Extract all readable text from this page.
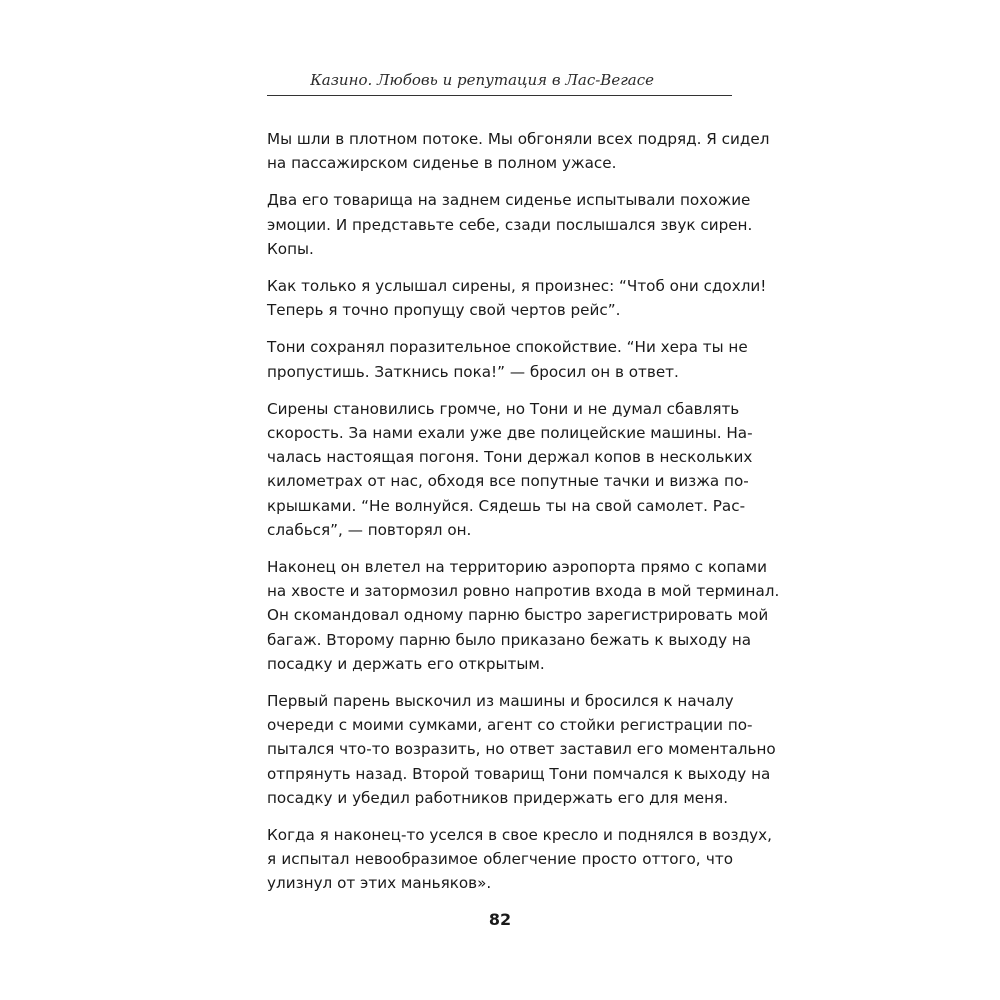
Казино. Любовь и репутация в Лас-Вегасе

Мы шли в плотном потоке. Мы обгоняли всех подряд. Я сидел
на пассажирском сиденье в полном ужасе.

Два его товарища на заднем сиденье испытывали похожие
эмоции. И представьте себе, сзади послышался звук сирен.
Копы.

Как только я услышал сирены, я произнес: “Чтоб они сдохли!
Теперь я точно пропущу свой чертов рейс”.

Тони сохранял поразительное спокойствие. “Ни хера ты не
пропустишь. Заткнись пока!” — бросил он в ответ.

Сирены становились громче, но Тони и не думал сбавлять
скорость. За нами ехали уже две полицейские машины. На-
чалась настоящая погоня. Тони держал копов в нескольких
километрах от нас, обходя все попутные тачки и визжа по-
крышками. “Не волнуйся. Сядешь ты на свой самолет. Рас-
слабься”, — повторял он.

Наконец он влетел на территорию аэропорта прямо с копами
на хвосте и затормозил ровно напротив входа в мой терминал.
Он скомандовал одному парню быстро зарегистрировать мой
багаж. Второму парню было приказано бежать к выходу на
посадку и держать его открытым.

Первый парень выскочил из машины и бросился к началу
очереди с моими сумками, агент со стойки регистрации по-
пытался что-то возразить, но ответ заставил его моментально
отпрянуть назад. Второй товарищ Тони помчался к выходу на
посадку и убедил работников придержать его для меня.

Когда я наконец-то уселся в свое кресло и поднялся в воздух,
я испытал невообразимое облегчение просто оттого, что
улизнул от этих маньяков».

82
